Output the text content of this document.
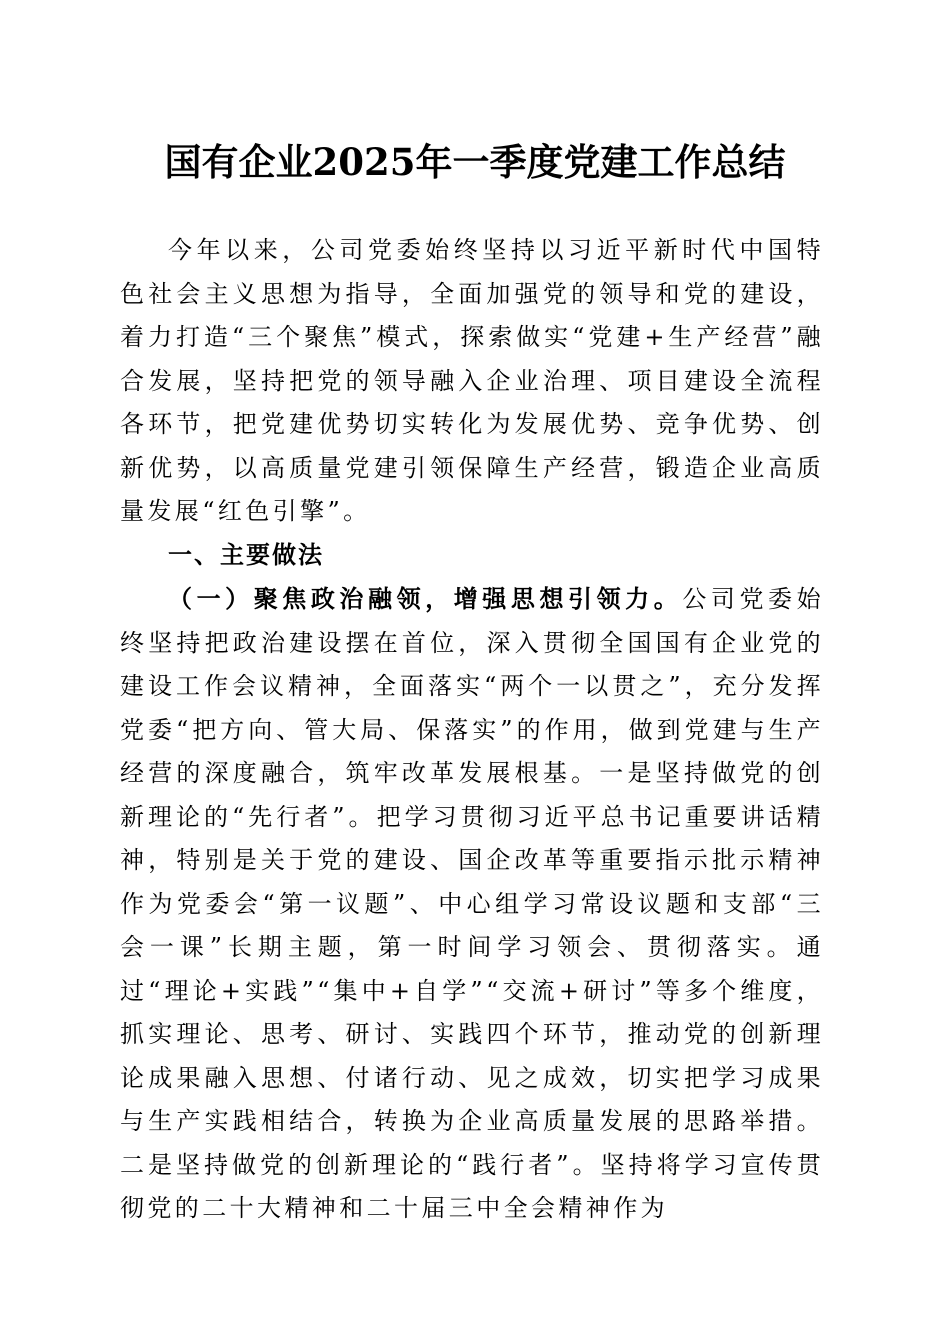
国有企业2025年一季度党建工作总结

今年以来，公司党委始终坚持以习近平新时代中国特色社会主义思想为指导，全面加强党的领导和党的建设，着力打造“三个聚焦”模式，探索做实“党建+生产经营”融合发展，坚持把党的领导融入企业治理、项目建设全流程各环节，把党建优势切实转化为发展优势、竞争优势、创新优势，以高质量党建引领保障生产经营，锻造企业高质量发展“红色引擎”。

一、主要做法

（一）聚焦政治融领，增强思想引领力。公司党委始终坚持把政治建设摆在首位，深入贯彻全国国有企业党的建设工作会议精神，全面落实“两个一以贯之”，充分发挥党委“把方向、管大局、保落实”的作用，做到党建与生产经营的深度融合，筑牢改革发展根基。一是坚持做党的创新理论的“先行者”。把学习贯彻习近平总书记重要讲话精神，特别是关于党的建设、国企改革等重要指示批示精神作为党委会“第一议题”、中心组学习常设议题和支部“三会一课”长期主题，第一时间学习领会、贯彻落实。通过“理论+实践”“集中+自学”“交流+研讨”等多个维度，抓实理论、思考、研讨、实践四个环节，推动党的创新理论成果融入思想、付诸行动、见之成效，切实把学习成果与生产实践相结合，转换为企业高质量发展的思路举措。二是坚持做党的创新理论的“践行者”。坚持将学习宣传贯彻党的二十大精神和二十届三中全会精神作为
